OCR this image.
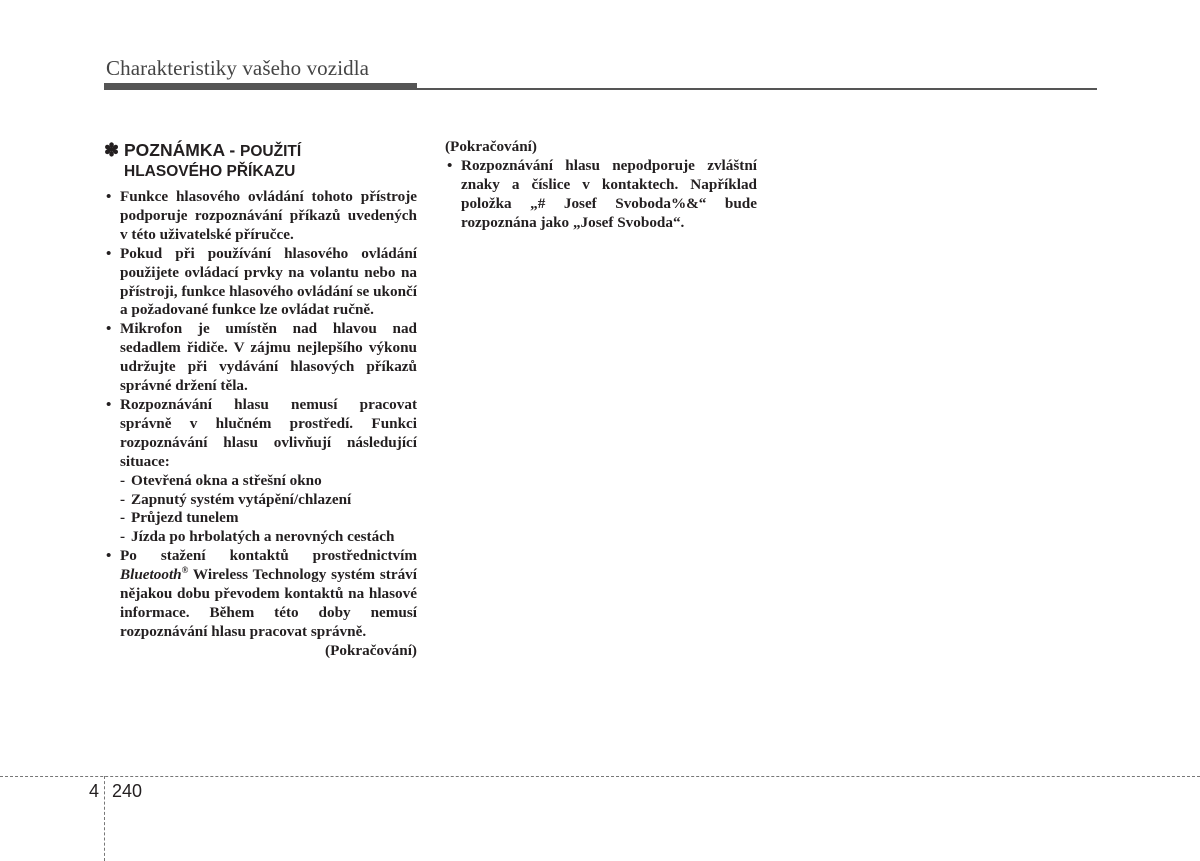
Charakteristiky vašeho vozidla
✽ POZNÁMKA - POUŽITÍ
HLASOVÉHO PŘÍKAZU

• Funkce hlasového ovládání tohoto přístroje podporuje rozpoznávání příkazů uvedených v této uživatelské příručce.

• Pokud při používání hlasového ovládání použijete ovládací prvky na volantu nebo na přístroji, funkce hlasového ovládání se ukončí a požadované funkce lze ovládat ručně.

• Mikrofon je umístěn nad hlavou nad sedadlem řidiče. V zájmu nejlepšího výkonu udržujte při vydávání hlasových příkazů správné držení těla.

• Rozpoznávání hlasu nemusí pracovat správně v hlučném prostředí. Funkci rozpoznávání hlasu ovlivňují následující situace:

- Otevřená okna a střešní okno
- Zapnutý systém vytápění/chlazení
- Průjezd tunelem
- Jízda po hrbolatých a nerovných cestách

• Po stažení kontaktů prostřednictvím Bluetooth® Wireless Technology systém stráví nějakou dobu převodem kontaktů na hlasové informace. Během této doby nemusí rozpoznávání hlasu pracovat správně.

(Pokračování)
(Pokračování)

• Rozpoznávání hlasu nepodporuje zvláštní znaky a číslice v kontaktech. Například položka „# Josef Svoboda%&“ bude rozpoznána jako „Josef Svoboda“.

4 240
